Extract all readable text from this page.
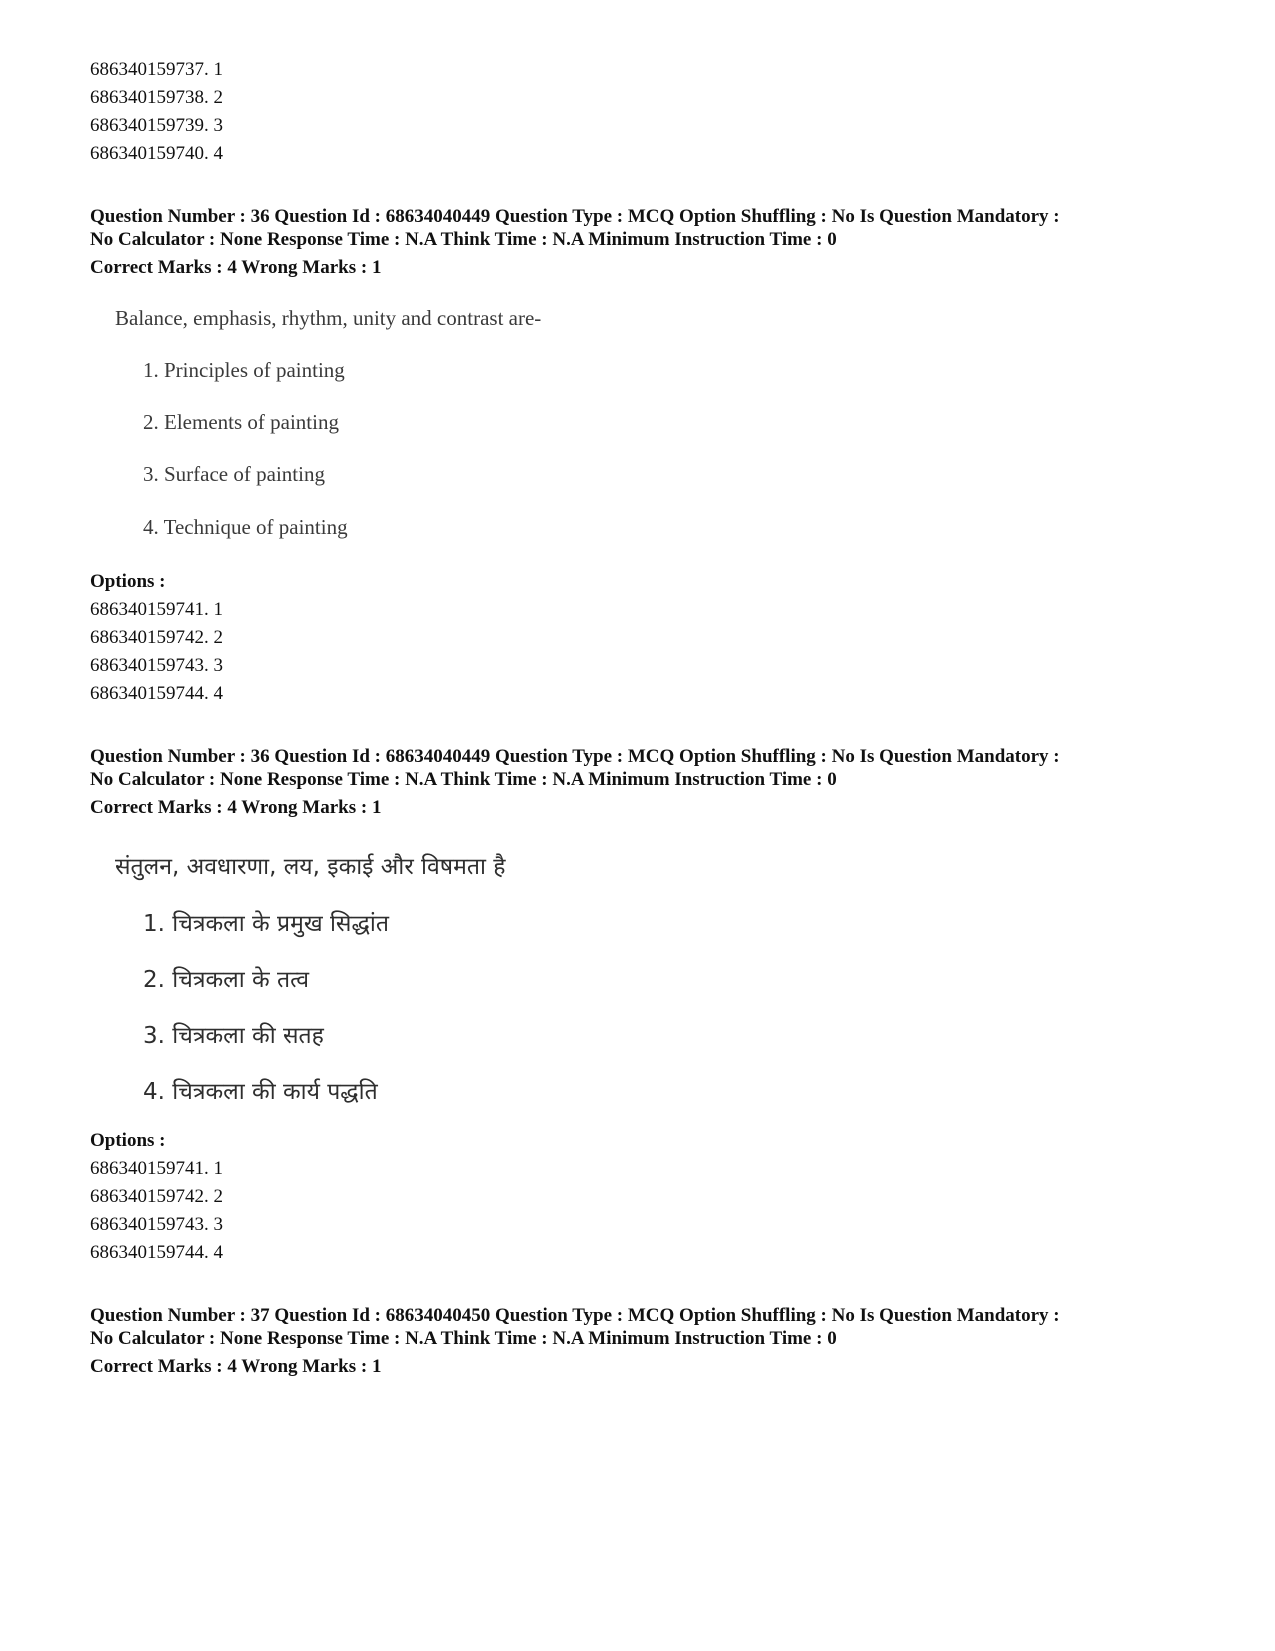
686340159737. 1
686340159738. 2
686340159739. 3
686340159740. 4
Question Number : 36 Question Id : 68634040449 Question Type : MCQ Option Shuffling : No Is Question Mandatory :
No Calculator : None Response Time : N.A Think Time : N.A Minimum Instruction Time : 0
Correct Marks : 4 Wrong Marks : 1
Balance, emphasis, rhythm, unity and contrast are-
1. Principles of painting
2. Elements of painting
3. Surface of painting
4. Technique of painting
Options :
686340159741. 1
686340159742. 2
686340159743. 3
686340159744. 4
Question Number : 36 Question Id : 68634040449 Question Type : MCQ Option Shuffling : No Is Question Mandatory :
No Calculator : None Response Time : N.A Think Time : N.A Minimum Instruction Time : 0
Correct Marks : 4 Wrong Marks : 1
संतुलन, अवधारणा, लय, इकाई और विषमता है
1. चित्रकला के प्रमुख सिद्धांत
2. चित्रकला के तत्व
3. चित्रकला की सतह
4. चित्रकला की कार्य पद्धति
Options :
686340159741. 1
686340159742. 2
686340159743. 3
686340159744. 4
Question Number : 37 Question Id : 68634040450 Question Type : MCQ Option Shuffling : No Is Question Mandatory :
No Calculator : None Response Time : N.A Think Time : N.A Minimum Instruction Time : 0
Correct Marks : 4 Wrong Marks : 1
